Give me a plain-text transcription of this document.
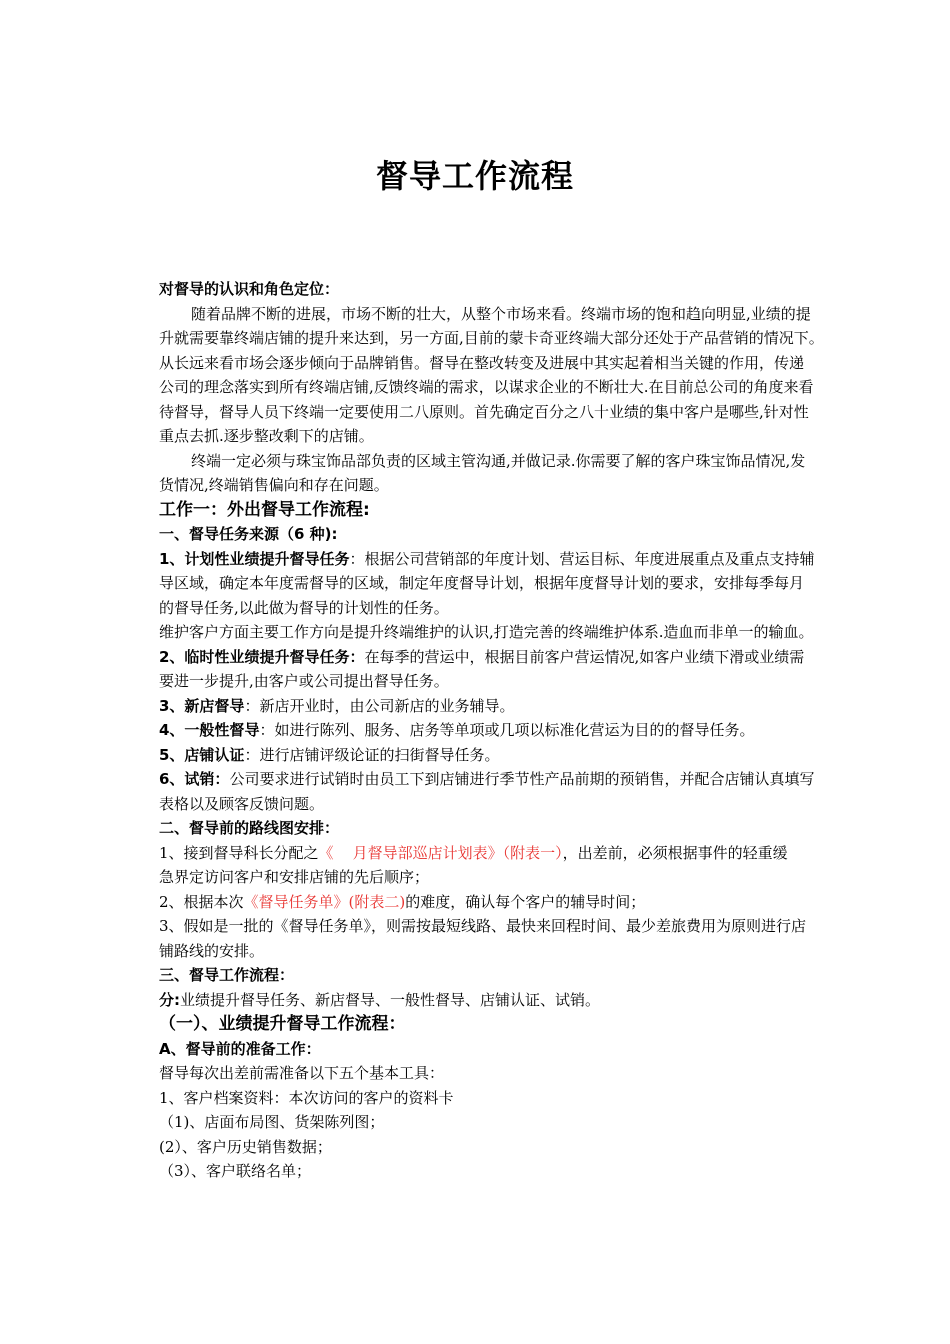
督导工作流程

对督导的认识和角色定位：

随着品牌不断的进展，市场不断的壮大，从整个市场来看。终端市场的饱和趋向明显,业绩的提

升就需要靠终端店铺的提升来达到，另一方面,目前的蒙卡奇亚终端大部分还处于产品营销的情况下。

从长远来看市场会逐步倾向于品牌销售。督导在整改转变及进展中其实起着相当关键的作用，传递

公司的理念落实到所有终端店铺,反馈终端的需求，以谋求企业的不断壮大.在目前总公司的角度来看

待督导，督导人员下终端一定要使用二八原则。首先确定百分之八十业绩的集中客户是哪些,针对性

重点去抓.逐步整改剩下的店铺。

终端一定必须与珠宝饰品部负责的区域主管沟通,并做记录.你需要了解的客户珠宝饰品情况,发

货情况,终端销售偏向和存在问题。

工作一：外出督导工作流程:

一、督导任务来源（6 种):

1、计划性业绩提升督导任务：根据公司营销部的年度计划、营运目标、年度进展重点及重点支持辅

导区域，确定本年度需督导的区域，制定年度督导计划，根据年度督导计划的要求，安排每季每月

的督导任务,以此做为督导的计划性的任务。

维护客户方面主要工作方向是提升终端维护的认识,打造完善的终端维护体系.造血而非单一的输血。

2、临时性业绩提升督导任务：在每季的营运中，根据目前客户营运情况,如客户业绩下滑或业绩需

要进一步提升,由客户或公司提出督导任务。

3、新店督导：新店开业时，由公司新店的业务辅导。

4、一般性督导：如进行陈列、服务、店务等单项或几项以标准化营运为目的的督导任务。

5、店铺认证：进行店铺评级论证的扫街督导任务。

6、试销：公司要求进行试销时由员工下到店铺进行季节性产品前期的预销售，并配合店铺认真填写

表格以及顾客反馈问题。

二、督导前的路线图安排：

1、接到督导科长分配之《    月督导部巡店计划表》（附表一），出差前，必须根据事件的轻重缓

急界定访问客户和安排店铺的先后顺序；

2、根据本次《督导任务单》(附表二)的难度，确认每个客户的辅导时间；

3、假如是一批的《督导任务单》，则需按最短线路、最快来回程时间、最少差旅费用为原则进行店

铺路线的安排。

三、督导工作流程：

分:业绩提升督导任务、新店督导、一般性督导、店铺认证、试销。

（一）、业绩提升督导工作流程：

A、督导前的准备工作：

督导每次出差前需准备以下五个基本工具：

1、客户档案资料：本次访问的客户的资料卡

（1)、店面布局图、货架陈列图；

(2）、客户历史销售数据；

（3）、客户联络名单；
